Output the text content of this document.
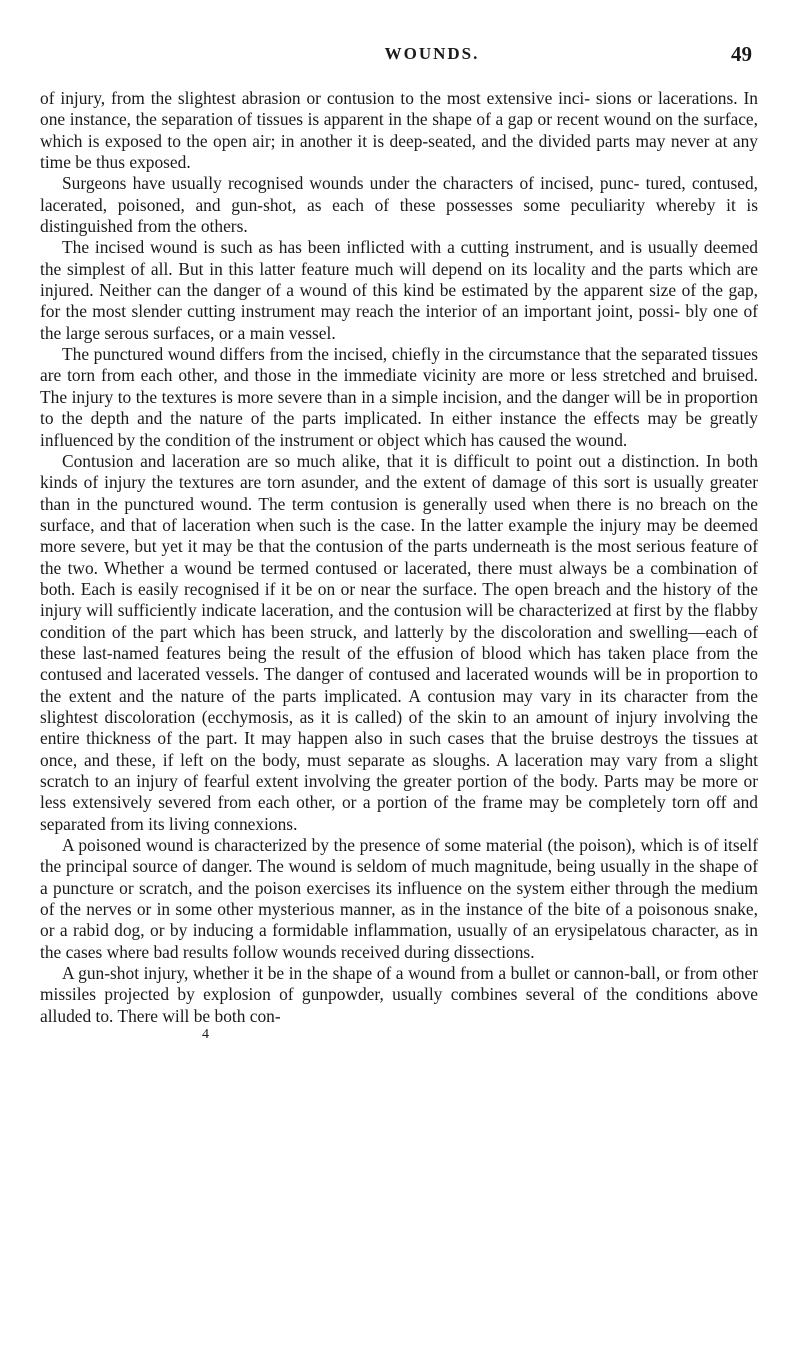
WOUNDS.	49

of injury, from the slightest abrasion or contusion to the most extensive inci- sions or lacerations. In one instance, the separation of tissues is apparent in the shape of a gap or recent wound on the surface, which is exposed to the open air; in another it is deep-seated, and the divided parts may never at any time be thus exposed.

Surgeons have usually recognised wounds under the characters of incised, punc- tured, contused, lacerated, poisoned, and gun-shot, as each of these possesses some peculiarity whereby it is distinguished from the others.

The incised wound is such as has been inflicted with a cutting instrument, and is usually deemed the simplest of all. But in this latter feature much will depend on its locality and the parts which are injured. Neither can the danger of a wound of this kind be estimated by the apparent size of the gap, for the most slender cutting instrument may reach the interior of an important joint, possi- bly one of the large serous surfaces, or a main vessel.

The punctured wound differs from the incised, chiefly in the circumstance that the separated tissues are torn from each other, and those in the immediate vicinity are more or less stretched and bruised. The injury to the textures is more severe than in a simple incision, and the danger will be in proportion to the depth and the nature of the parts implicated. In either instance the effects may be greatly influenced by the condition of the instrument or object which has caused the wound.

Contusion and laceration are so much alike, that it is difficult to point out a distinction. In both kinds of injury the textures are torn asunder, and the extent of damage of this sort is usually greater than in the punctured wound. The term contusion is generally used when there is no breach on the surface, and that of laceration when such is the case. In the latter example the injury may be deemed more severe, but yet it may be that the contusion of the parts underneath is the most serious feature of the two. Whether a wound be termed contused or lacerated, there must always be a combination of both. Each is easily recognised if it be on or near the surface. The open breach and the history of the injury will sufficiently indicate laceration, and the contusion will be characterized at first by the flabby condition of the part which has been struck, and latterly by the discoloration and swelling—each of these last-named features being the result of the effusion of blood which has taken place from the contused and lacerated vessels. The danger of contused and lacerated wounds will be in proportion to the extent and the nature of the parts implicated. A contusion may vary in its character from the slightest discoloration (ecchymosis, as it is called) of the skin to an amount of injury involving the entire thickness of the part. It may happen also in such cases that the bruise destroys the tissues at once, and these, if left on the body, must separate as sloughs. A laceration may vary from a slight scratch to an injury of fearful extent involving the greater portion of the body. Parts may be more or less extensively severed from each other, or a portion of the frame may be completely torn off and separated from its living connexions.

A poisoned wound is characterized by the presence of some material (the poison), which is of itself the principal source of danger. The wound is seldom of much magnitude, being usually in the shape of a puncture or scratch, and the poison exercises its influence on the system either through the medium of the nerves or in some other mysterious manner, as in the instance of the bite of a poisonous snake, or a rabid dog, or by inducing a formidable inflammation, usually of an erysipelatous character, as in the cases where bad results follow wounds received during dissections.

A gun-shot injury, whether it be in the shape of a wound from a bullet or cannon-ball, or from other missiles projected by explosion of gunpowder, usually combines several of the conditions above alluded to. There will be both con-

4
